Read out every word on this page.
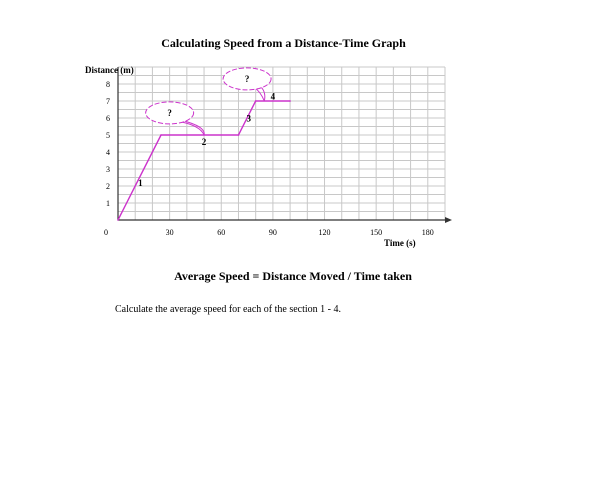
Calculating Speed from a Distance-Time Graph
0	30	60	90	120	150	180
1
2
3
4
5
6
7
8
?
?
1
2
3
4
Distance (m)
Time (s)
Average Speed = Distance Moved / Time taken
Calculate the average speed for each of the section 1 - 4.
